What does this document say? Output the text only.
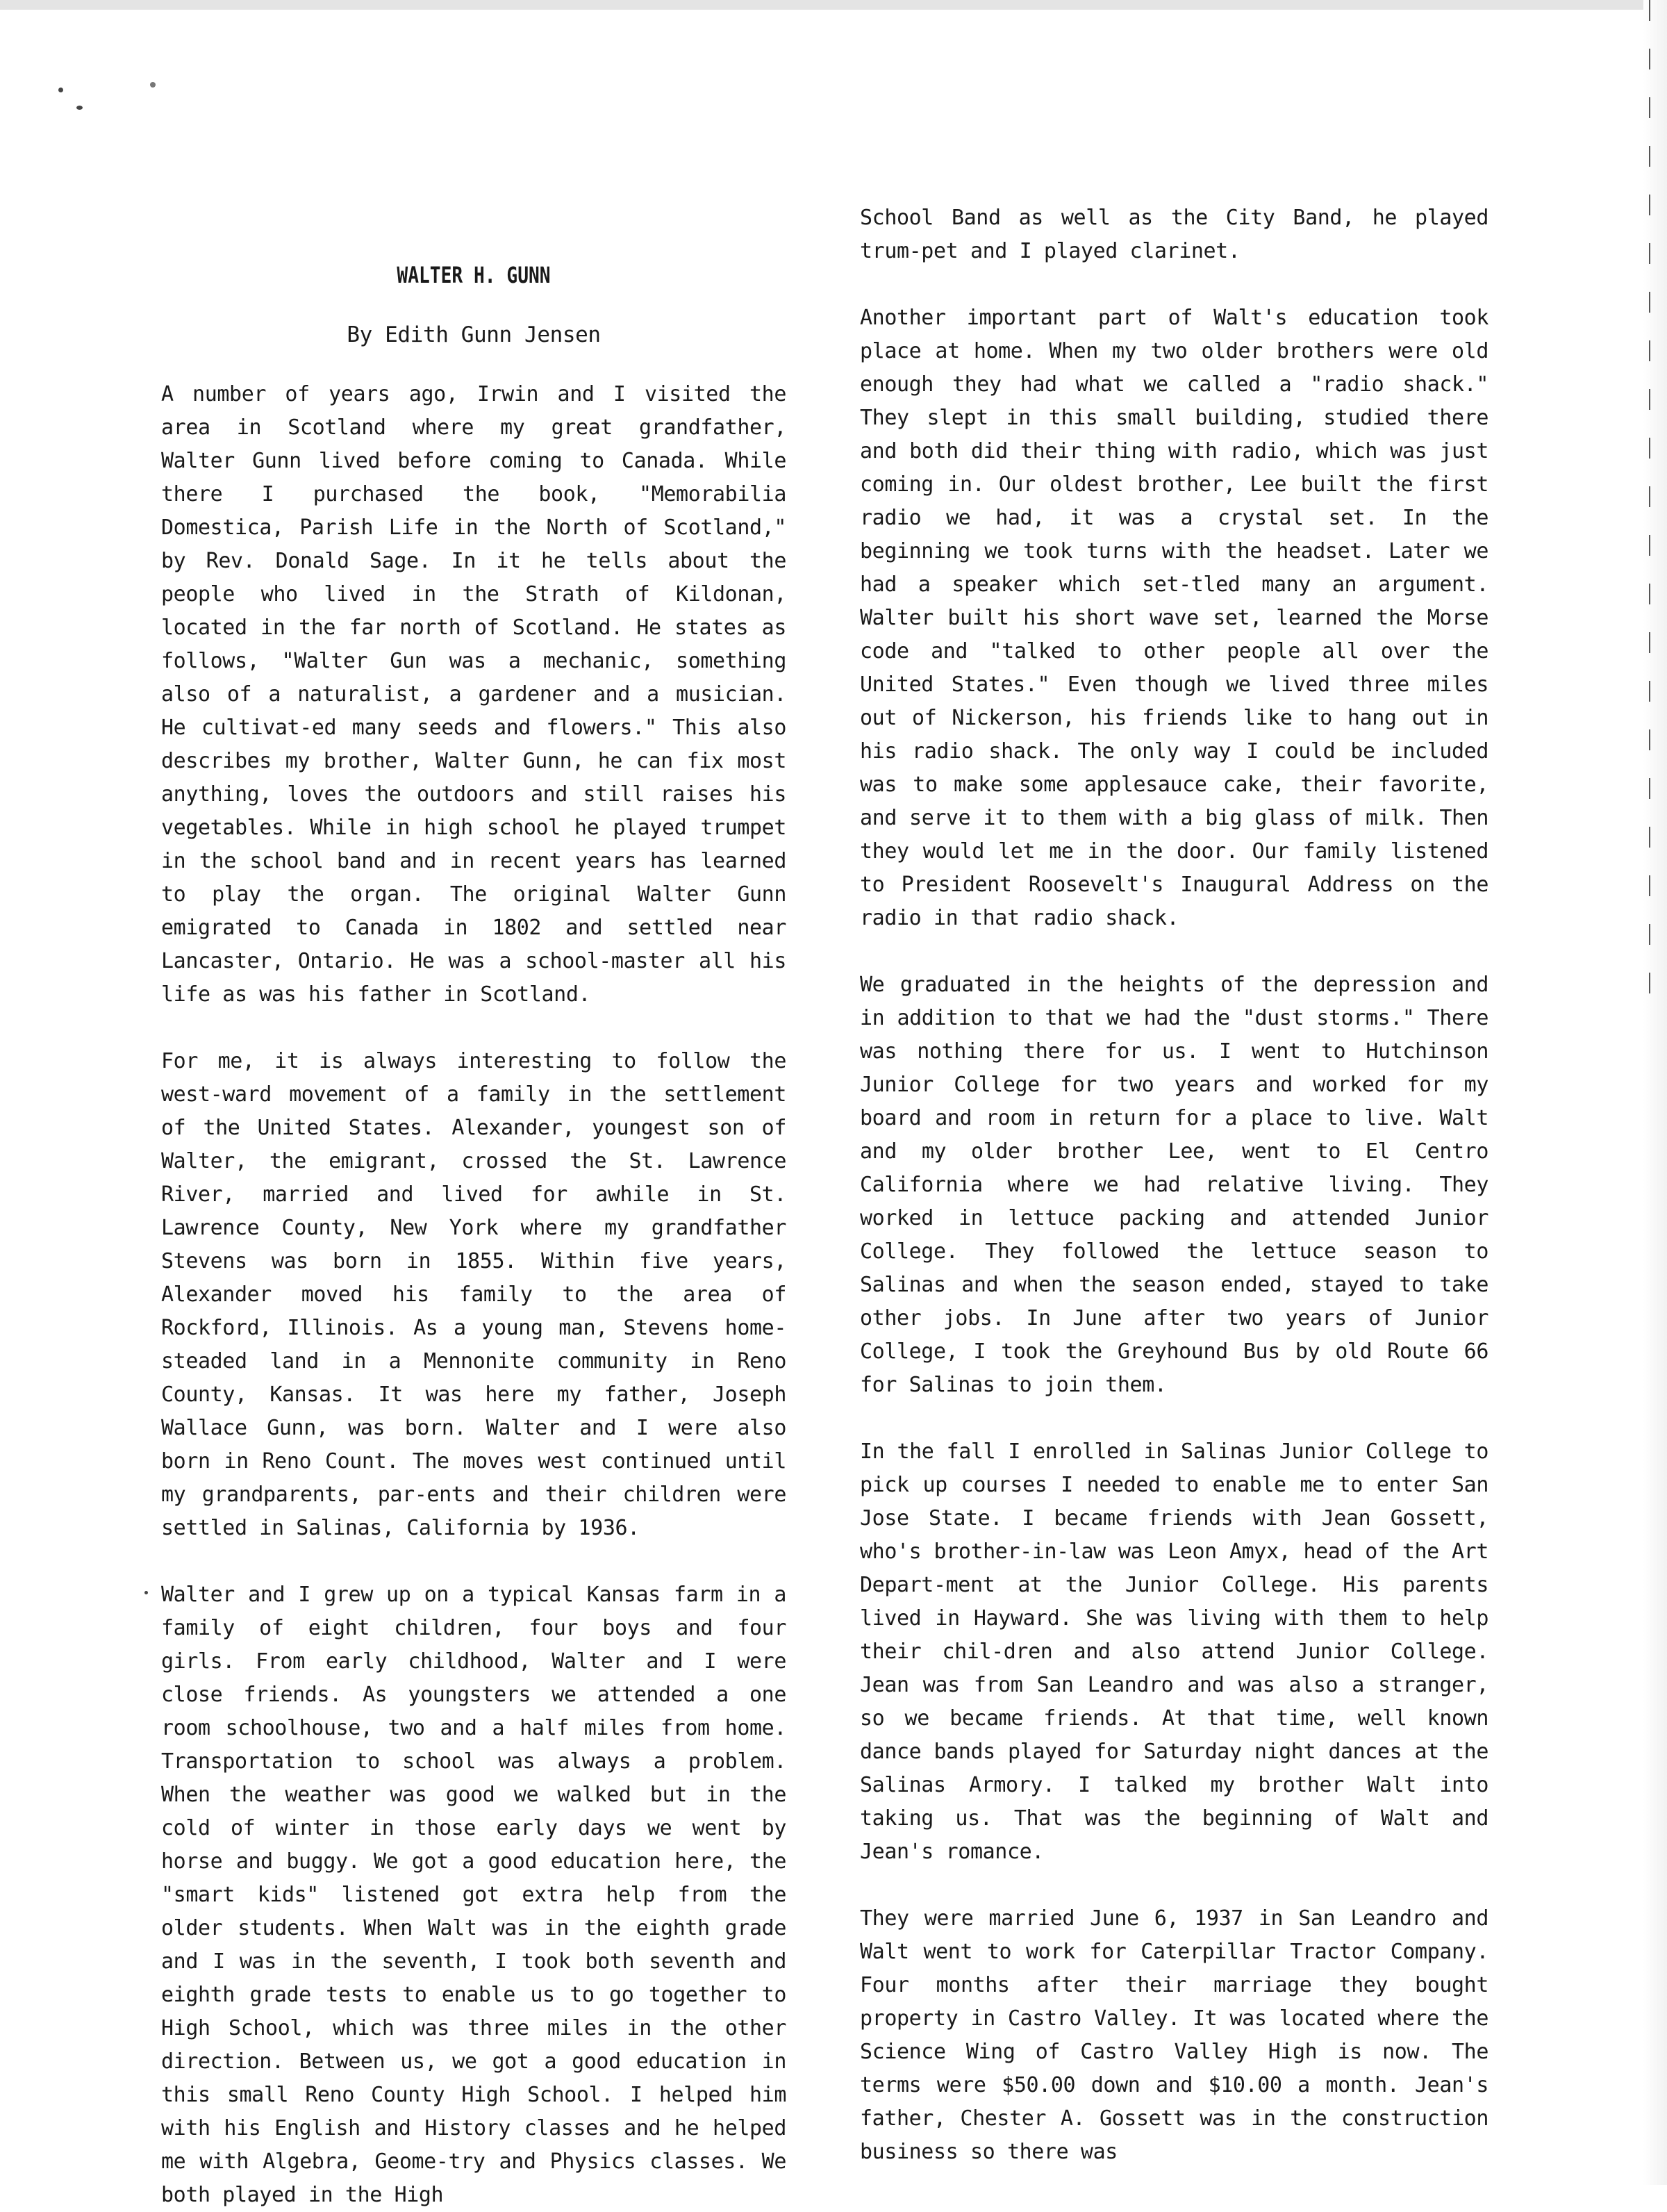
WALTER H. GUNN
By Edith Gunn Jensen

A number of years ago, Irwin and I visited the area in Scotland where my great grandfather, Walter Gunn lived before coming to Canada. While there I purchased the book, "Memorabilia Domestica, Parish Life in the North of Scotland," by Rev. Donald Sage. In it he tells about the people who lived in the Strath of Kildonan, located in the far north of Scotland. He states as follows, "Walter Gun was a mechanic, something also of a naturalist, a gardener and a musician. He cultivat-ed many seeds and flowers." This also describes my brother, Walter Gunn, he can fix most anything, loves the outdoors and still raises his vegetables. While in high school he played trumpet in the school band and in recent years has learned to play the organ. The original Walter Gunn emigrated to Canada in 1802 and settled near Lancaster, Ontario. He was a school-master all his life as was his father in Scotland.

For me, it is always interesting to follow the west-ward movement of a family in the settlement of the United States. Alexander, youngest son of Walter, the emigrant, crossed the St. Lawrence River, married and lived for awhile in St. Lawrence County, New York where my grandfather Stevens was born in 1855. Within five years, Alexander moved his family to the area of Rockford, Illinois. As a young man, Stevens home-steaded land in a Mennonite community in Reno County, Kansas. It was here my father, Joseph Wallace Gunn, was born. Walter and I were also born in Reno Count. The moves west continued until my grandparents, par-ents and their children were settled in Salinas, California by 1936.

Walter and I grew up on a typical Kansas farm in a family of eight children, four boys and four girls. From early childhood, Walter and I were close friends. As youngsters we attended a one room schoolhouse, two and a half miles from home. Transportation to school was always a problem. When the weather was good we walked but in the cold of winter in those early days we went by horse and buggy. We got a good education here, the "smart kids" listened got extra help from the older students. When Walt was in the eighth grade and I was in the seventh, I took both seventh and eighth grade tests to enable us to go together to High School, which was three miles in the other direction. Between us, we got a good education in this small Reno County High School. I helped him with his English and History classes and he helped me with Algebra, Geome-try and Physics classes. We both played in the High

School Band as well as the City Band, he played trum-pet and I played clarinet.

Another important part of Walt's education took place at home. When my two older brothers were old enough they had what we called a "radio shack." They slept in this small building, studied there and both did their thing with radio, which was just coming in. Our oldest brother, Lee built the first radio we had, it was a crystal set. In the beginning we took turns with the headset. Later we had a speaker which set-tled many an argument. Walter built his short wave set, learned the Morse code and "talked to other people all over the United States." Even though we lived three miles out of Nickerson, his friends like to hang out in his radio shack. The only way I could be included was to make some applesauce cake, their favorite, and serve it to them with a big glass of milk. Then they would let me in the door. Our family listened to President Roosevelt's Inaugural Address on the radio in that radio shack.

We graduated in the heights of the depression and in addition to that we had the "dust storms." There was nothing there for us. I went to Hutchinson Junior College for two years and worked for my board and room in return for a place to live. Walt and my older brother Lee, went to El Centro California where we had relative living. They worked in lettuce packing and attended Junior College. They followed the lettuce season to Salinas and when the season ended, stayed to take other jobs. In June after two years of Junior College, I took the Greyhound Bus by old Route 66 for Salinas to join them.

In the fall I enrolled in Salinas Junior College to pick up courses I needed to enable me to enter San Jose State. I became friends with Jean Gossett, who's brother-in-law was Leon Amyx, head of the Art Depart-ment at the Junior College. His parents lived in Hayward. She was living with them to help their chil-dren and also attend Junior College. Jean was from San Leandro and was also a stranger, so we became friends. At that time, well known dance bands played for Saturday night dances at the Salinas Armory. I talked my brother Walt into taking us. That was the beginning of Walt and Jean's romance.

They were married June 6, 1937 in San Leandro and Walt went to work for Caterpillar Tractor Company. Four months after their marriage they bought property in Castro Valley. It was located where the Science Wing of Castro Valley High is now. The terms were $50.00 down and $10.00 a month. Jean's father, Chester A. Gossett was in the construction business so there was
